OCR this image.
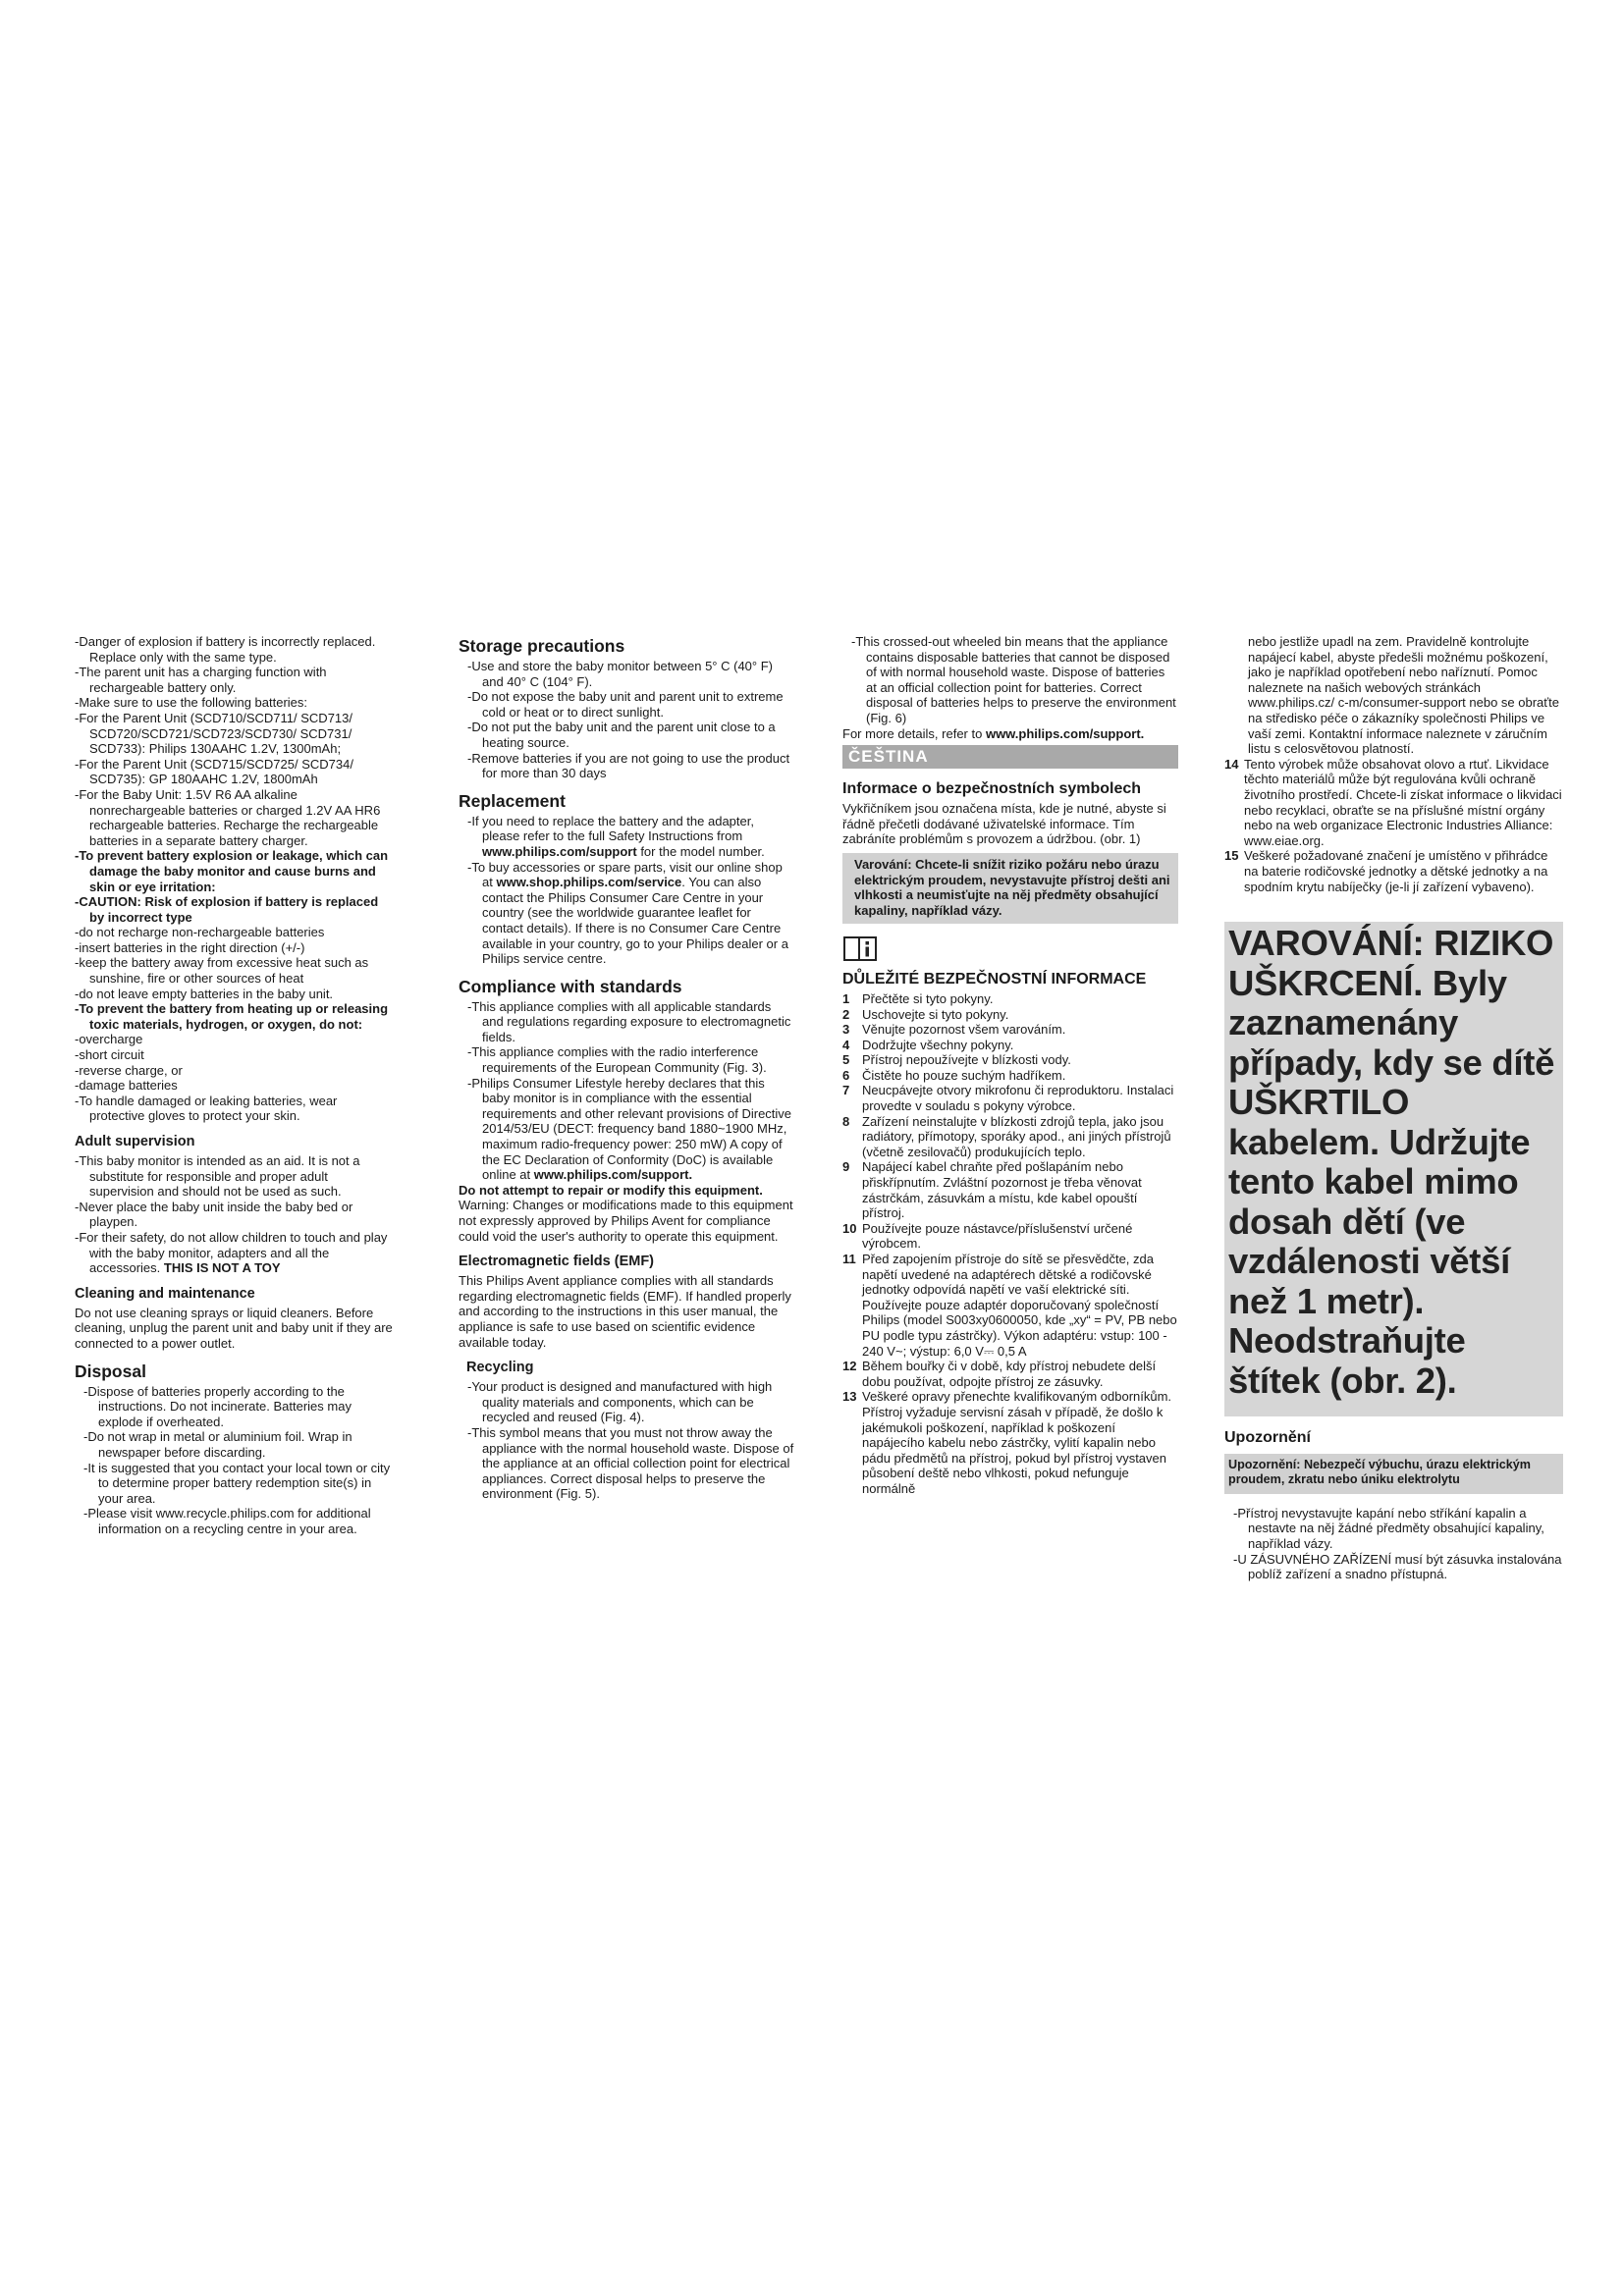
-Danger of explosion if battery is incorrectly replaced. Replace only with the same type.

-The parent unit has a charging function with rechargeable battery only.

-Make sure to use the following batteries:

-For the Parent Unit (SCD710/SCD711/ SCD713/ SCD720/SCD721/SCD723/SCD730/ SCD731/ SCD733): Philips 130AAHC 1.2V, 1300mAh;

-For the Parent Unit (SCD715/SCD725/ SCD734/ SCD735): GP 180AAHC 1.2V, 1800mAh

-For the Baby Unit: 1.5V R6 AA alkaline nonrechargeable batteries or charged 1.2V AA HR6 rechargeable batteries. Recharge the rechargeable batteries in a separate battery charger.

-To prevent battery explosion or leakage, which can damage the baby monitor and cause burns and skin or eye irritation:

-CAUTION: Risk of explosion if battery is replaced by incorrect type

-do not recharge non-rechargeable batteries

-insert batteries in the right direction (+/-)

-keep the battery away from excessive heat such as sunshine, fire or other sources of heat

-do not leave empty batteries in the baby unit.

-To prevent the battery from heating up or releasing toxic materials, hydrogen, or oxygen, do not:

-overcharge

-short circuit

-reverse charge, or

-damage batteries

-To handle damaged or leaking batteries, wear protective gloves to protect your skin.

Adult supervision

-This baby monitor is intended as an aid. It is not a substitute for responsible and proper adult supervision and should not be used as such.

-Never place the baby unit inside the baby bed or playpen.

-For their safety, do not allow children to touch and play with the baby monitor, adapters and all the accessories. THIS IS NOT A TOY

Cleaning and maintenance

Do not use cleaning sprays or liquid cleaners. Before cleaning, unplug the parent unit and baby unit if they are connected to a power outlet.

Disposal

-Dispose of batteries properly according to the instructions. Do not incinerate. Batteries may explode if overheated.

-Do not wrap in metal or aluminium foil. Wrap in newspaper before discarding.

-It is suggested that you contact your local town or city to determine proper battery redemption site(s) in your area.

-Please visit www.recycle.philips.com for additional information on a recycling centre in your area.

Storage precautions

-Use and store the baby monitor between 5° C (40° F) and 40° C (104° F).

-Do not expose the baby unit and parent unit to extreme cold or heat or to direct sunlight.

-Do not put the baby unit and the parent unit close to a heating source.

-Remove batteries if you are not going to use the product for more than 30 days

Replacement

-If you need to replace the battery and the adapter, please refer to the full Safety Instructions from www.philips.com/support for the model number.

-To buy accessories or spare parts, visit our online shop at www.shop.philips.com/service. You can also contact the Philips Consumer Care Centre in your country (see the worldwide guarantee leaflet for contact details). If there is no Consumer Care Centre available in your country, go to your Philips dealer or a Philips service centre.

Compliance with standards

-This appliance complies with all applicable standards and regulations regarding exposure to electromagnetic fields.

-This appliance complies with the radio interference requirements of the European Community (Fig. 3).

-Philips Consumer Lifestyle hereby declares that this baby monitor is in compliance with the essential requirements and other relevant provisions of Directive 2014/53/EU (DECT: frequency band 1880~1900 MHz, maximum radio-frequency power: 250 mW) A copy of the EC Declaration of Conformity (DoC) is available online at www.philips.com/support.

Do not attempt to repair or modify this equipment.

Warning: Changes or modifications made to this equipment not expressly approved by Philips Avent for compliance could void the user's authority to operate this equipment.

Electromagnetic fields (EMF)

This Philips Avent appliance complies with all standards regarding electromagnetic fields (EMF). If handled properly and according to the instructions in this user manual, the appliance is safe to use based on scientific evidence available today.

Recycling

-Your product is designed and manufactured with high quality materials and components, which can be recycled and reused (Fig. 4).

-This symbol means that you must not throw away the appliance with the normal household waste. Dispose of the appliance at an official collection point for electrical appliances. Correct disposal helps to preserve the environment (Fig. 5).

-This crossed-out wheeled bin means that the appliance contains disposable batteries that cannot be disposed of with normal household waste. Dispose of batteries at an official collection point for batteries. Correct disposal of batteries helps to preserve the environment (Fig. 6)

For more details, refer to www.philips.com/support.

ČEŠTINA
Informace o bezpečnostních symbolech

Vykřičníkem jsou označena místa, kde je nutné, abyste si řádně přečetli dodávané uživatelské informace. Tím zabráníte problémům s provozem a údržbou. (obr. 1)

Varování: Chcete-li snížit riziko požáru nebo úrazu elektrickým proudem, nevystavujte přístroj dešti ani vlhkosti a neumisťujte na něj předměty obsahující kapaliny, například vázy.
DŮLEŽITÉ BEZPEČNOSTNÍ INFORMACE
1 Přečtěte si tyto pokyny.
2 Uschovejte si tyto pokyny.
3 Věnujte pozornost všem varováním.
4 Dodržujte všechny pokyny.
5 Přístroj nepoužívejte v blízkosti vody.
6 Čistěte ho pouze suchým hadříkem.
7 Neucpávejte otvory mikrofonu či reproduktoru. Instalaci provedte v souladu s pokyny výrobce.
8 Zařízení neinstalujte v blízkosti zdrojů tepla, jako jsou radiátory, přímotopy, sporáky apod., ani jiných přístrojů (včetně zesilovačů) produkujících teplo.
9 Napájecí kabel chraňte před pošlapáním nebo přiskřípnutím. Zvláštní pozornost je třeba věnovat zástrčkám, zásuvkám a místu, kde kabel opouští přístroj.
10 Používejte pouze nástavce/příslušenství určené výrobcem.
11 Před zapojením přístroje do sítě se přesvědčte, zda napětí uvedené na adaptérech dětské a rodičovské jednotky odpovídá napětí ve vaší elektrické síti. Používejte pouze adaptér doporučovaný společností Philips (model S003xy0600050, kde „xy“ = PV, PB nebo PU podle typu zástrčky). Výkon adaptéru: vstup: 100 - 240 V~; výstup: 6,0 V⎓ 0,5 A
12 Během bouřky či v době, kdy přístroj nebudete delší dobu používat, odpojte přístroj ze zásuvky.
13 Veškeré opravy přenechte kvalifikovaným odborníkům. Přístroj vyžaduje servisní zásah v případě, že došlo k jakémukoli poškození, například k poškození napájecího kabelu nebo zástrčky, vylití kapalin nebo pádu předmětů na přístroj, pokud byl přístroj vystaven působení deště nebo vlhkosti, pokud nefunguje normálně

nebo jestliže upadl na zem. Pravidelně kontrolujte napájecí kabel, abyste předešli možnému poškození, jako je například opotřebení nebo naříznutí. Pomoc naleznete na našich webových stránkách www.philips.cz/ c-m/consumer-support nebo se obraťte na středisko péče o zákazníky společnosti Philips ve vaší zemi. Kontaktní informace naleznete v záručním listu s celosvětovou platností.

14 Tento výrobek může obsahovat olovo a rtuť. Likvidace těchto materiálů může být regulována kvůli ochraně životního prostředí. Chcete-li získat informace o likvidaci nebo recyklaci, obraťte se na příslušné místní orgány nebo na web organizace Electronic Industries Alliance: www.eiae.org.
15 Veškeré požadované značení je umístěno v přihrádce na baterie rodičovské jednotky a dětské jednotky a na spodním krytu nabíječky (je-li jí zařízení vybaveno).
VAROVÁNÍ: RIZIKO UŠKRCENÍ. Byly zaznamenány případy, kdy se dítě UŠKRTILO kabelem. Udržujte tento kabel mimo dosah dětí (ve vzdálenosti větší než 1 metr). Neodstraňujte štítek (obr. 2).
Upozornění
Upozornění: Nebezpečí výbuchu, úrazu elektrickým proudem, zkratu nebo úniku elektrolytu

-Přístroj nevystavujte kapání nebo stříkání kapalin a nestavte na něj žádné předměty obsahující kapaliny, například vázy.

-U ZÁSUVNÉHO ZAŘÍZENÍ musí být zásuvka instalována poblíž zařízení a snadno přístupná.
